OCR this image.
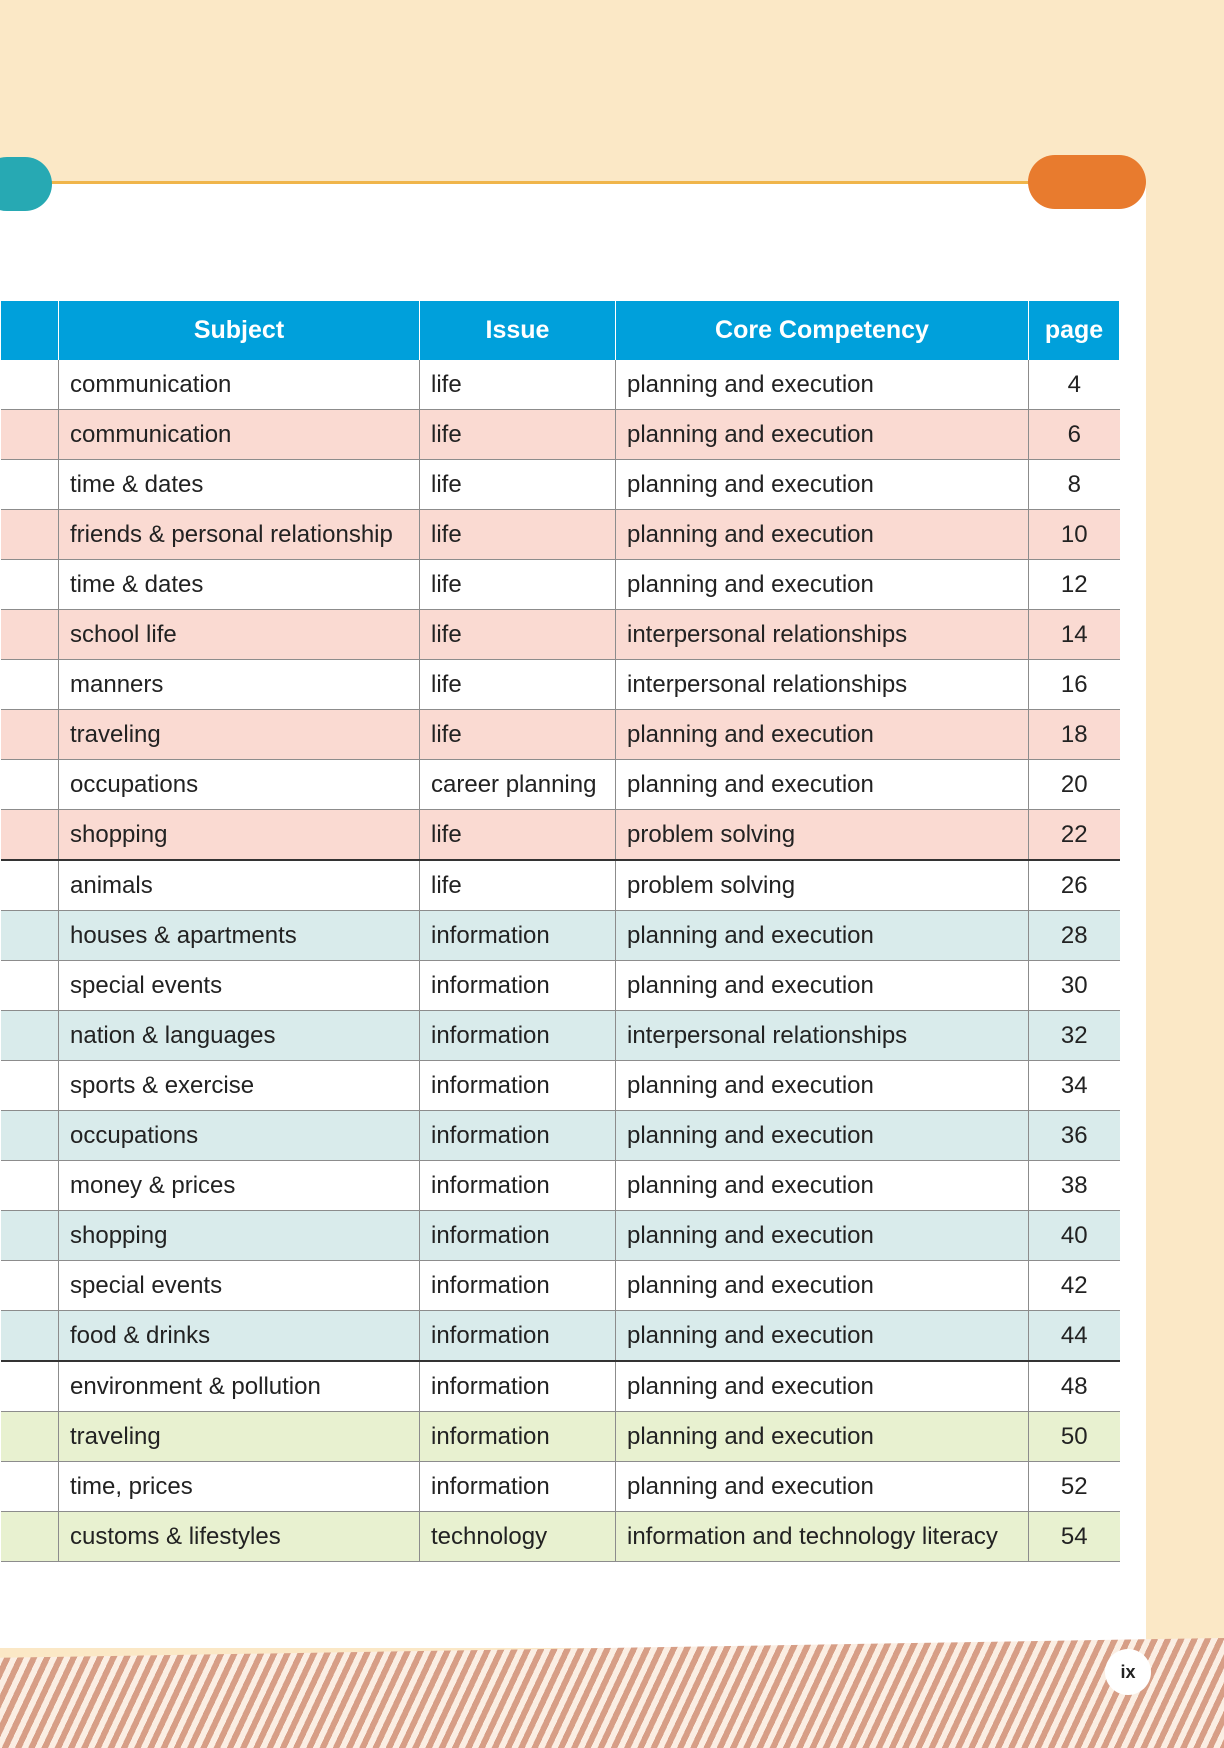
	Subject	Issue	Core Competency	page
	communication	life	planning and execution	4
	communication	life	planning and execution	6
	time & dates	life	planning and execution	8
	friends & personal relationship	life	planning and execution	10
	time & dates	life	planning and execution	12
	school life	life	interpersonal relationships	14
	manners	life	interpersonal relationships	16
	traveling	life	planning and execution	18
	occupations	career planning	planning and execution	20
	shopping	life	problem solving	22
	animals	life	problem solving	26
	houses & apartments	information	planning and execution	28
	special events	information	planning and execution	30
	nation & languages	information	interpersonal relationships	32
	sports & exercise	information	planning and execution	34
	occupations	information	planning and execution	36
	money & prices	information	planning and execution	38
	shopping	information	planning and execution	40
	special events	information	planning and execution	42
	food & drinks	information	planning and execution	44
	environment & pollution	information	planning and execution	48
	traveling	information	planning and execution	50
	time, prices	information	planning and execution	52
	customs & lifestyles	technology	information and technology literacy	54
ix
